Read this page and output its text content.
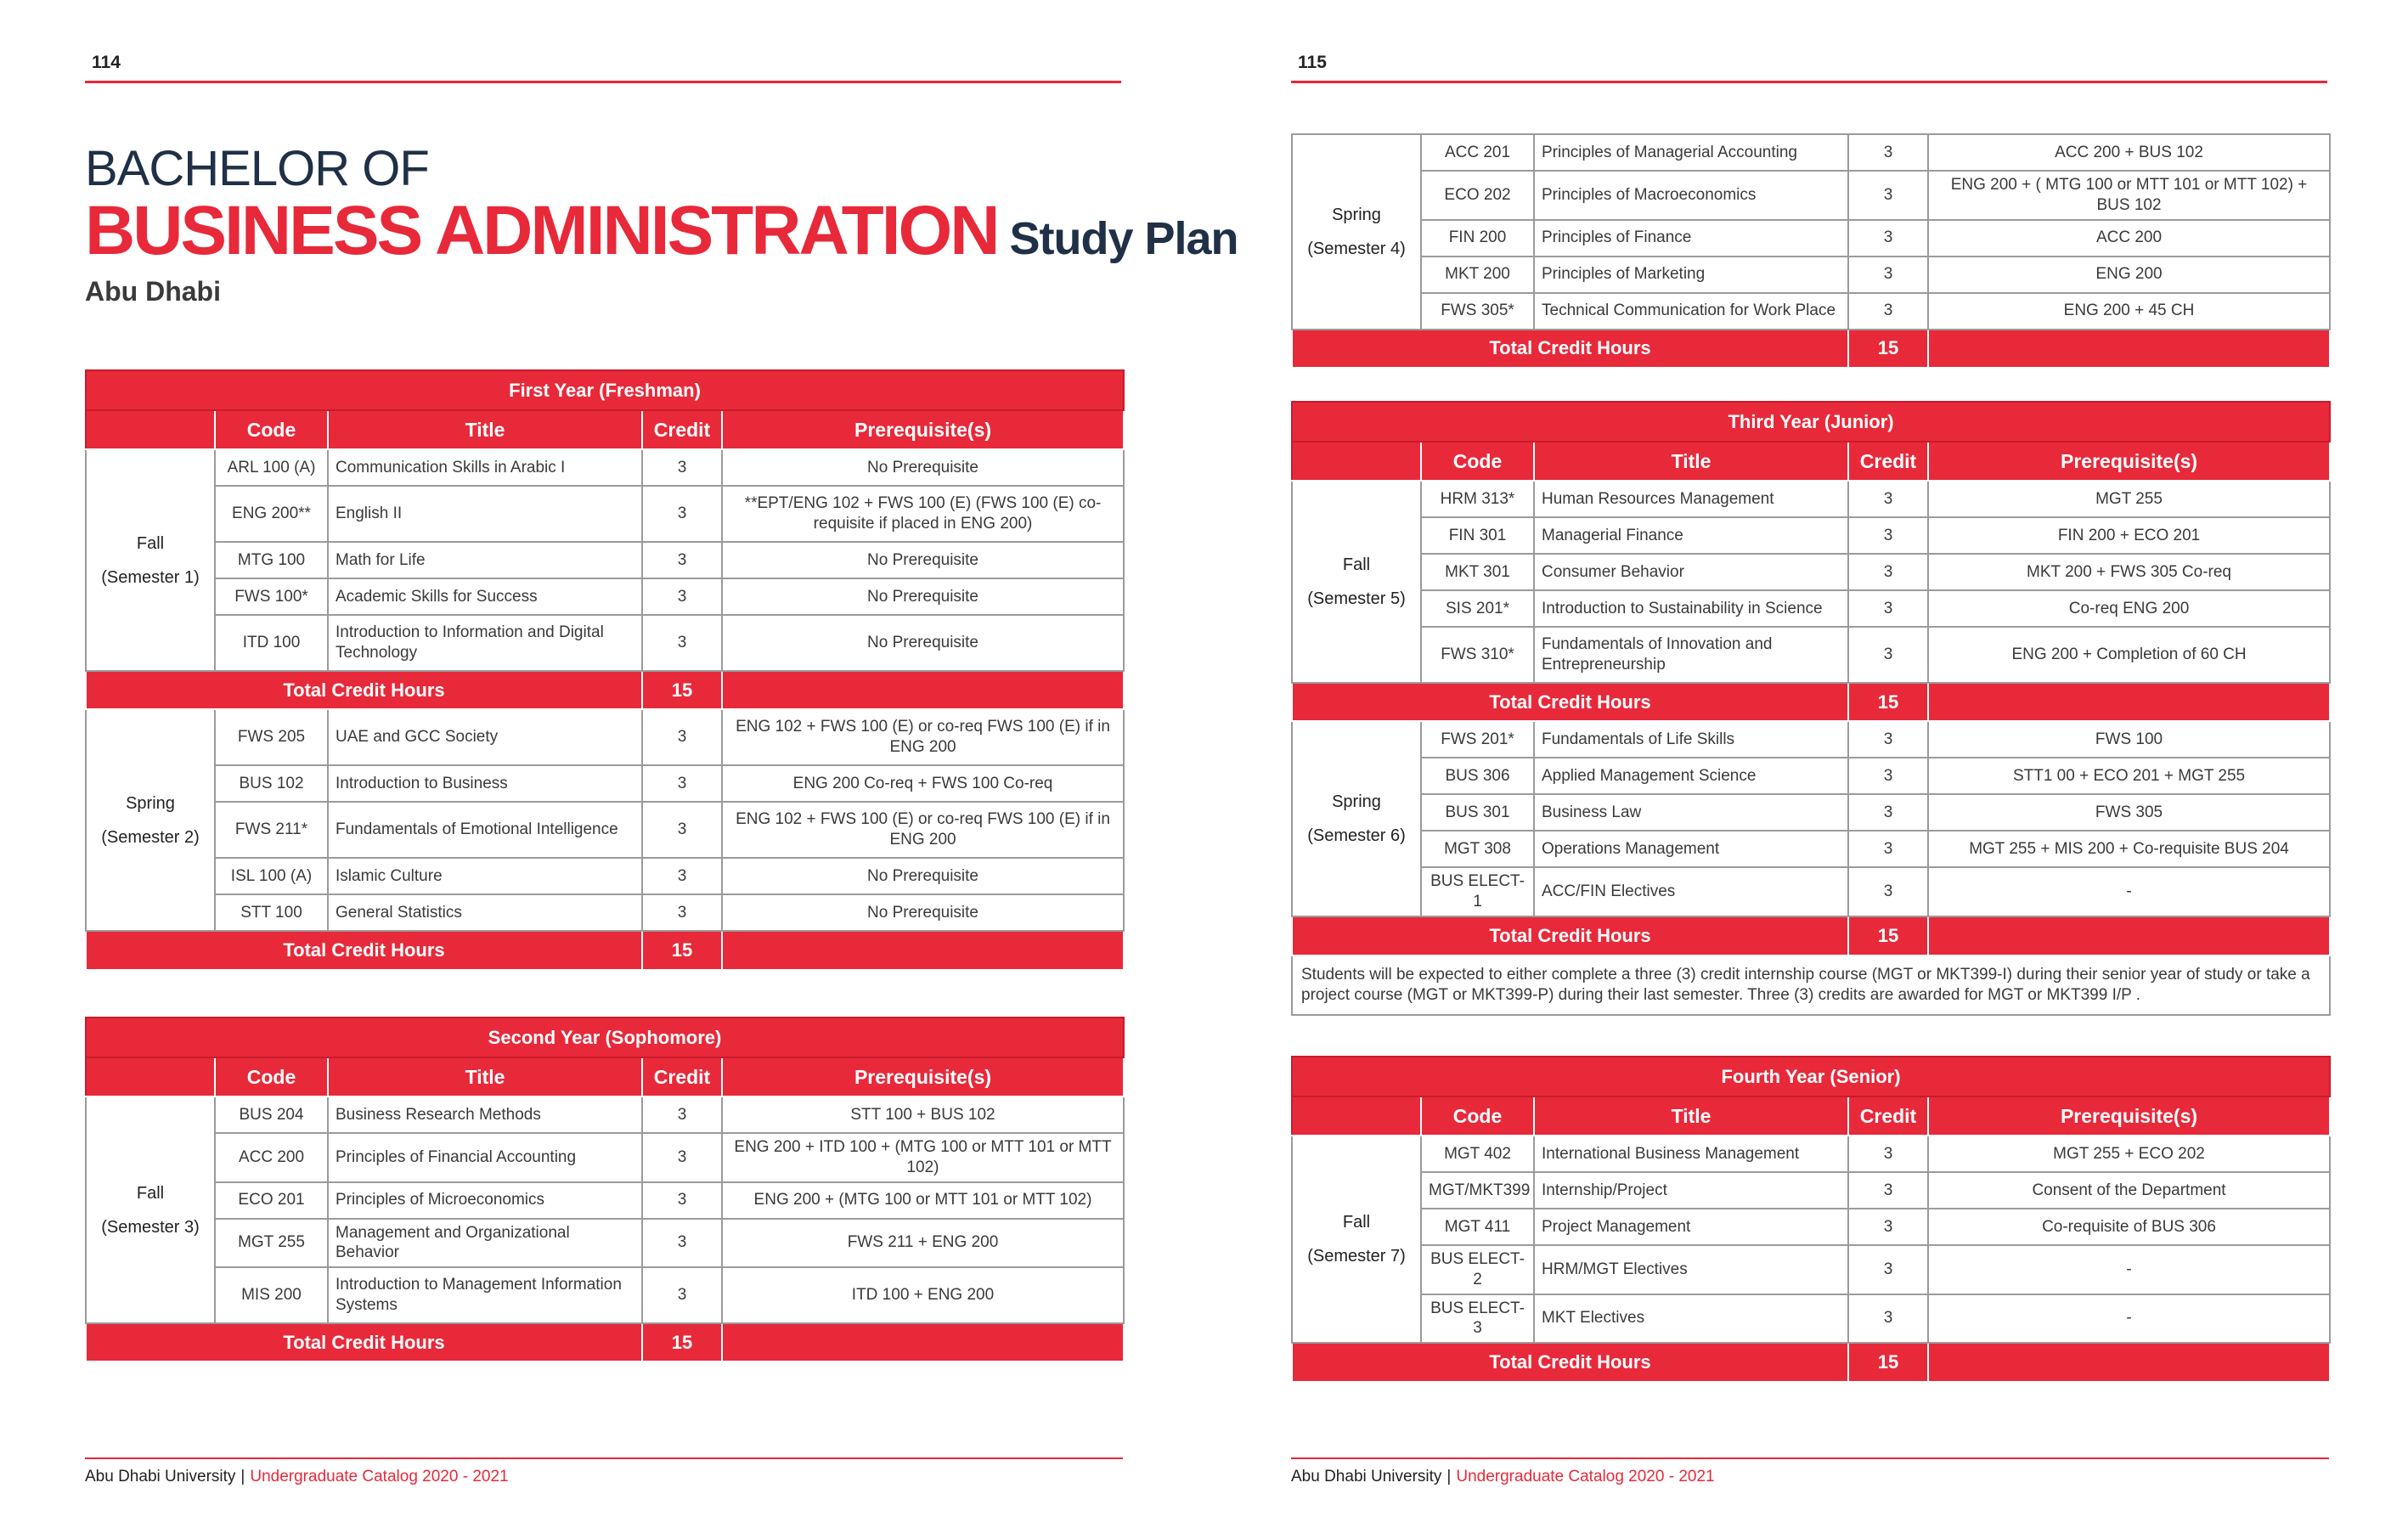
114
BACHELOR OF
BUSINESS ADMINISTRATION Study Plan
Abu Dhabi
First Year (Freshman)				
	Code	Title	Credit	Prerequisite(s)
Fall
(Semester 1)	ARL 100 (A)	Communication Skills in Arabic I	3	No Prerequisite
	ENG 200**	English II	3	**EPT/ENG 102 + FWS 100 (E) (FWS 100 (E) co-requisite if placed in ENG 200)
	MTG 100	Math for Life	3	No Prerequisite
	FWS 100*	Academic Skills for Success	3	No Prerequisite
	ITD 100	Introduction to Information and Digital Technology	3	No Prerequisite
Total Credit Hours			15	
Spring
(Semester 2)	FWS 205	UAE and GCC Society	3	ENG 102 + FWS 100 (E) or co-req FWS 100 (E) if in ENG 200
	BUS 102	Introduction to Business	3	ENG 200 Co-req + FWS 100 Co-req
	FWS 211*	Fundamentals of Emotional Intelligence	3	ENG 102 + FWS 100 (E) or co-req FWS 100 (E) if in ENG 200
	ISL 100 (A)	Islamic Culture	3	No Prerequisite
	STT 100	General Statistics	3	No Prerequisite
Total Credit Hours			15	
Second Year (Sophomore)				
	Code	Title	Credit	Prerequisite(s)
Fall
(Semester 3)	BUS 204	Business Research Methods	3	STT 100 + BUS 102
	ACC 200	Principles of Financial Accounting	3	ENG 200 + ITD 100 + (MTG 100 or MTT 101 or MTT 102)
	ECO 201	Principles of Microeconomics	3	ENG 200 + (MTG 100 or MTT 101 or MTT 102)
	MGT 255	Management and Organizational Behavior	3	FWS 211 + ENG 200
	MIS 200	Introduction to Management Information Systems	3	ITD 100 + ENG 200
Total Credit Hours			15	
Abu Dhabi University | Undergraduate Catalog 2020 - 2021
115
Spring
(Semester 4)	ACC 201	Principles of Managerial Accounting	3	ACC 200 + BUS 102
	ECO 202	Principles of Macroeconomics	3	ENG 200 + ( MTG 100 or MTT 101 or MTT 102) + BUS 102
	FIN 200	Principles of Finance	3	ACC 200
	MKT 200	Principles of Marketing	3	ENG 200
	FWS 305*	Technical Communication for Work Place	3	ENG 200 + 45 CH
Total Credit Hours			15	
Third Year (Junior)				
	Code	Title	Credit	Prerequisite(s)
Fall
(Semester 5)	HRM 313*	Human Resources Management	3	MGT 255
	FIN 301	Managerial Finance	3	FIN 200 + ECO 201
	MKT 301	Consumer Behavior	3	MKT 200 + FWS 305 Co-req
	SIS 201*	Introduction to Sustainability in Science	3	Co-req ENG 200
	FWS 310*	Fundamentals of Innovation and Entrepreneurship	3	ENG 200 + Completion of 60 CH
Total Credit Hours			15	
Spring
(Semester 6)	FWS 201*	Fundamentals of Life Skills	3	FWS 100
	BUS 306	Applied Management Science	3	STT1 00 + ECO 201 + MGT 255
	BUS 301	Business Law	3	FWS 305
	MGT 308	Operations Management	3	MGT 255 + MIS 200 + Co-requisite BUS 204
	BUS ELECT-1	ACC/FIN Electives	3	-
Total Credit Hours			15	
Students will be expected to either complete a three (3) credit internship course (MGT or MKT399-I) during their senior year of study or take a project course (MGT or MKT399-P) during their last semester. Three (3) credits are awarded for MGT or MKT399 I/P .				
Fourth Year (Senior)				
	Code	Title	Credit	Prerequisite(s)
Fall
(Semester 7)	MGT 402	International Business Management	3	MGT 255 + ECO 202
	MGT/MKT399	Internship/Project	3	Consent of the Department
	MGT 411	Project Management	3	Co-requisite of BUS 306
	BUS ELECT-2	HRM/MGT Electives	3	-
	BUS ELECT-3	MKT Electives	3	-
Total Credit Hours			15	
Abu Dhabi University | Undergraduate Catalog 2020 - 2021
